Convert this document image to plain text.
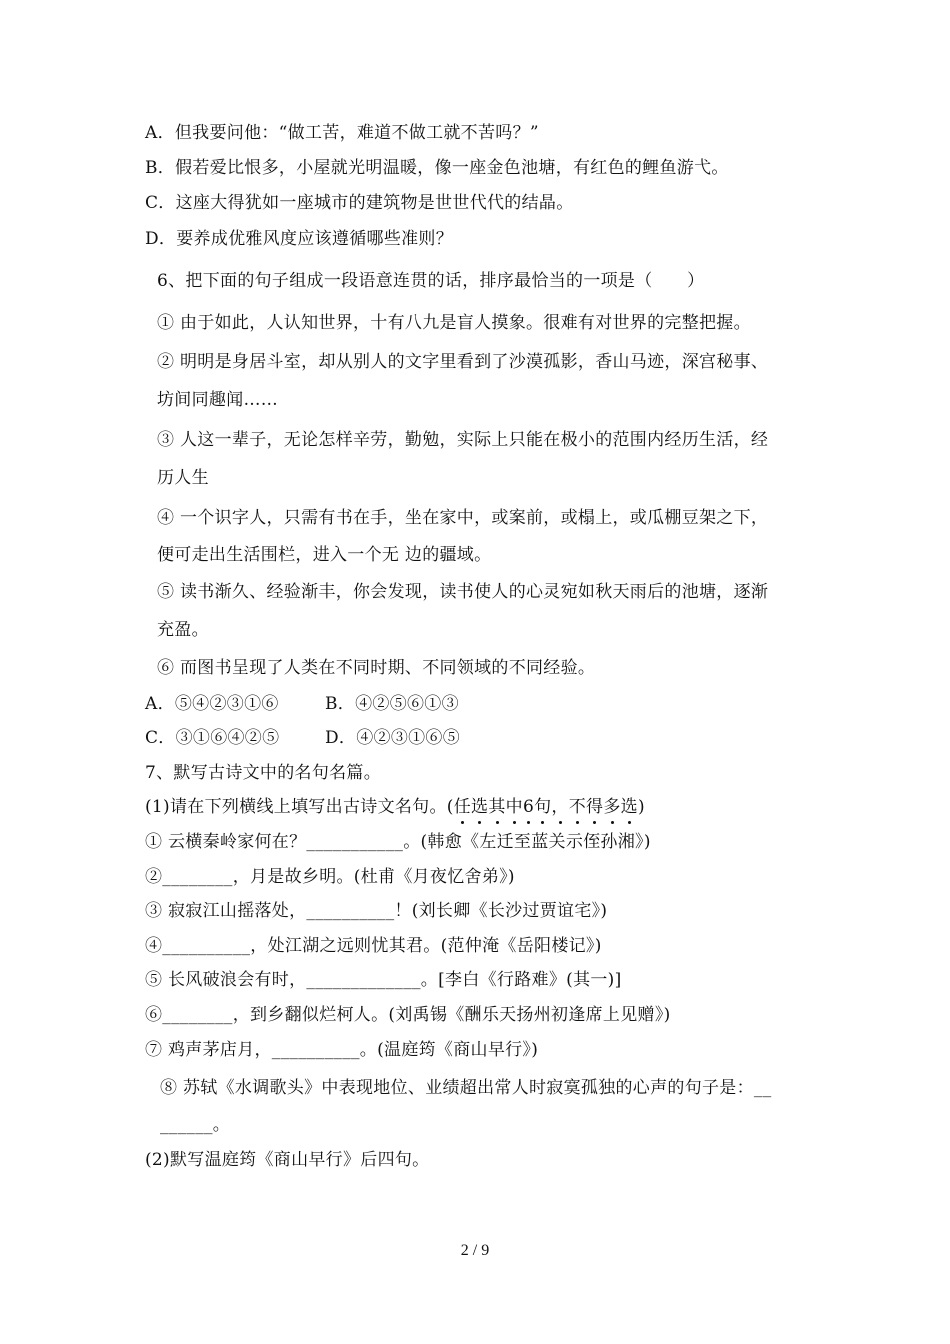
A．但我要问他：“做工苦，难道不做工就不苦吗？”
B．假若爱比恨多，小屋就光明温暖，像一座金色池塘，有红色的鲤鱼游弋。
C．这座大得犹如一座城市的建筑物是世世代代的结晶。
D．要养成优雅风度应该遵循哪些准则？
6、把下面的句子组成一段语意连贯的话，排序最恰当的一项是（　　）
① 由于如此，人认知世界，十有八九是盲人摸象。很难有对世界的完整把握。
② 明明是身居斗室，却从别人的文字里看到了沙漠孤影，香山马迹，深宫秘事、
坊间同趣闻……
③ 人这一辈子，无论怎样辛劳，勤勉，实际上只能在极小的范围内经历生活，经
历人生
④ 一个识字人，只需有书在手，坐在家中，或案前，或榻上，或瓜棚豆架之下，
便可走出生活围栏，进入一个无 边的疆域。
⑤ 读书渐久、经验渐丰，你会发现，读书使人的心灵宛如秋天雨后的池塘，逐渐
充盈。
⑥ 而图书呈现了人类在不同时期、不同领域的不同经验。
A．⑤④②③①⑥	B．④②⑤⑥①③
C．③①⑥④②⑤	D．④②③①⑥⑤
7、默写古诗文中的名句名篇。
(1)请在下列横线上填写出古诗文名句。(任选其中6句，不得多选)
① 云横秦岭家何在？___________。(韩愈《左迁至蓝关示侄孙湘》)
②________，月是故乡明。(杜甫《月夜忆舍弟》)
③ 寂寂江山摇落处，__________！(刘长卿《长沙过贾谊宅》)
④__________，处江湖之远则忧其君。(范仲淹《岳阳楼记》)
⑤ 长风破浪会有时，_____________。[李白《行路难》(其一)]
⑥________，到乡翻似烂柯人。(刘禹锡《酬乐天扬州初逢席上见赠》)
⑦ 鸡声茅店月，__________。(温庭筠《商山早行》)
⑧ 苏轼《水调歌头》中表现地位、业绩超出常人时寂寞孤独的心声的句子是：__
______。
(2)默写温庭筠《商山早行》后四句。
2 / 9
